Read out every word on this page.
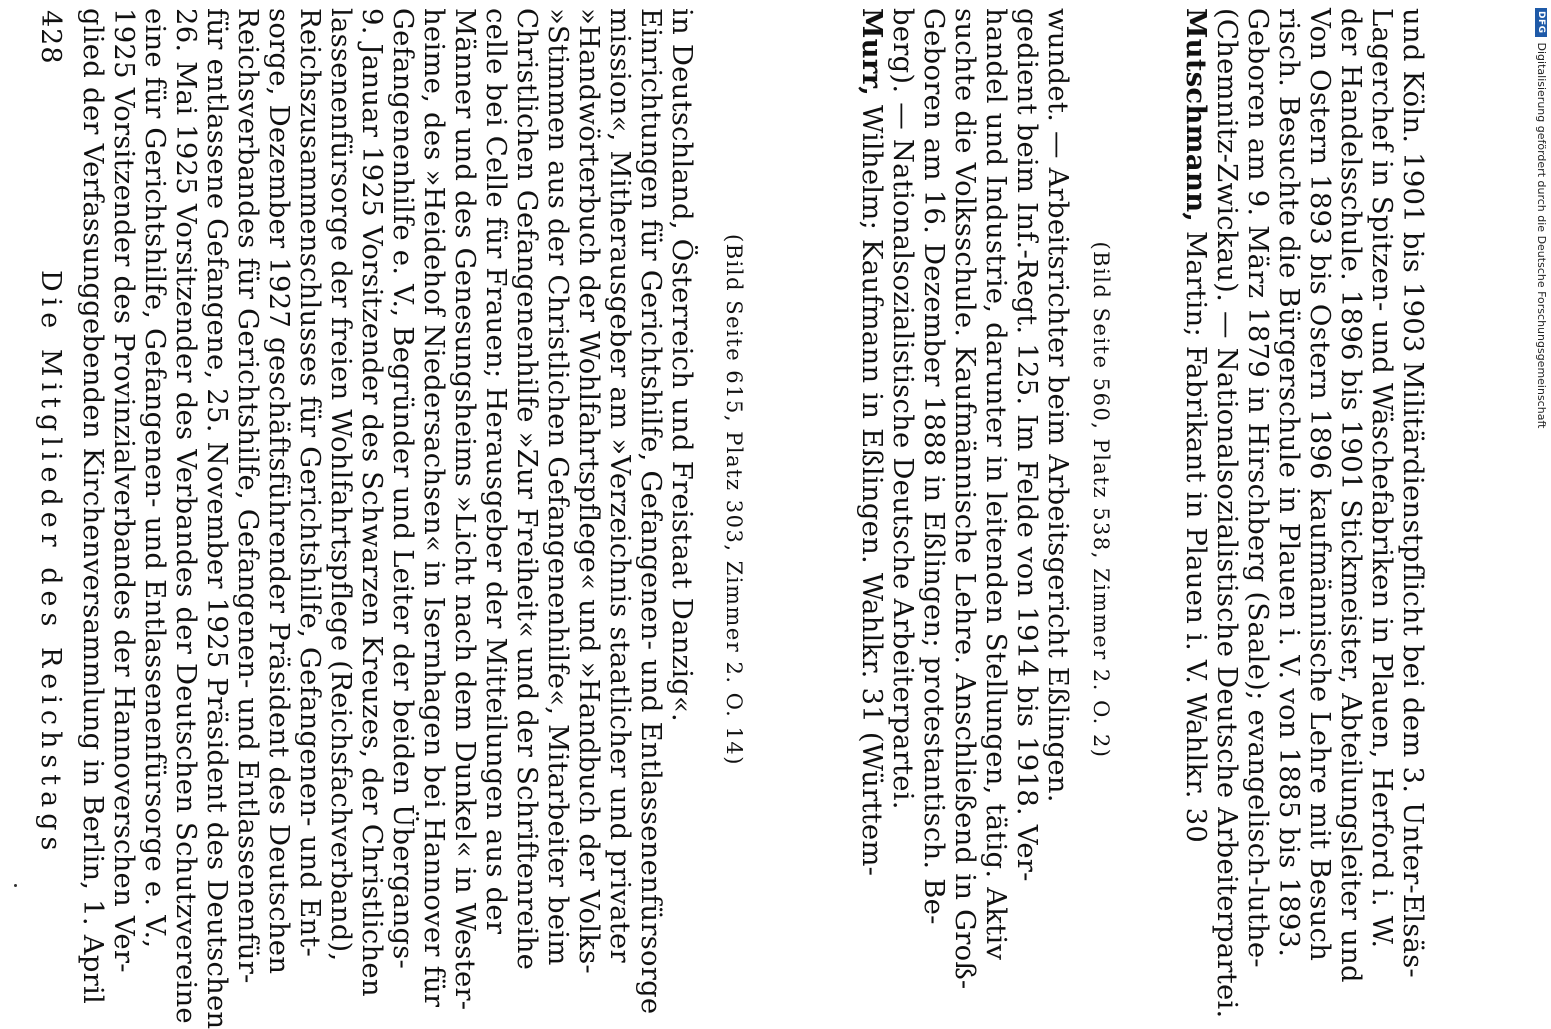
428
Die Mitglieder des Reichstags glied der Verfassunggebenden Kirchenversammlung in Berlin, 1. April 1925 Vorsitzender des Provinzialverbandes der Hannoverschen Ver- eine für Gerichtshilfe, Gefangenen- und Entlassenenfürsorge e. V., 26. Mai 1925 Vorsitzender des Verbandes der Deutschen Schutzvereine für entlassene Gefangene, 25. November 1925 Präsident des Deutschen Reichsverbandes für Gerichtshilfe, Gefangenen- und Entlassenenfür- sorge, Dezember 1927 geschäftsführender Präsident des Deutschen Reichszusammenschlusses für Gerichtshilfe, Gefangenen- und Ent- lassenenfürsorge der freien Wohlfahrtspflege (Reichsfachverband), 9. Januar 1925 Vorsitzender des Schwarzen Kreuzes, der Christlichen Gefangenenhilfe e. V., Begründer und Leiter der beiden Übergangs- heime, des »Heidehof Niedersachsen« in Isernhagen bei Hannover für Männer und des Genesungsheims »Licht nach dem Dunkel« in Wester- celle bei Celle für Frauen; Herausgeber der Mitteilungen aus der Christlichen Gefangenenhilfe »Zur Freiheit« und der Schriftenreihe »Stimmen aus der Christlichen Gefangenenhilfe«, Mitarbeiter beim »Handwörterbuch der Wohlfahrtspflege« und »Handbuch der Volks- mission«, Mitherausgeber am »Verzeichnis staatlicher und privater Einrichtungen für Gerichtshilfe, Gefangenen- und Entlassenenfürsorge in Deutschland, Österreich und Freistaat Danzig«. (Bild Seite 615, Platz 303, Zimmer 2. O. 14)
Murr, Wilhelm; Kaufmann in Eßlingen. Wahlkr. 31 (Württem- berg). — Nationalsozialistische Deutsche Arbeiterpartei. Geboren am 16. Dezember 1888 in Eßlingen; protestantisch. Be- suchte die Volksschule. Kaufmännische Lehre. Anschließend in Groß- handel und Industrie, darunter in leitenden Stellungen, tätig. Aktiv gedient beim Inf.-Regt. 125. Im Felde von 1914 bis 1918. Ver- wundet. — Arbeitsrichter beim Arbeitsgericht Eßlingen. (Bild Seite 560, Platz 538, Zimmer 2. O. 2)
Mutschmann, Martin; Fabrikant in Plauen i. V. Wahlkr. 30 (Chemnitz-Zwickau). — Nationalsozialistische Deutsche Arbeiterpartei. Geboren am 9. März 1879 in Hirschberg (Saale); evangelisch-luthe- risch. Besuchte die Bürgerschule in Plauen i. V. von 1885 bis 1893. Von Ostern 1893 bis Ostern 1896 kaufmännische Lehre mit Besuch der Handelsschule. 1896 bis 1901 Stickmeister, Abteilungsleiter und Lagerchef in Spitzen- und Wäschefabriken in Plauen, Herford i. W. und Köln. 1901 bis 1903 Militärdienstpflicht bei dem 3. Unter-Elsäs-	DFG
Digitalisierung gefördert durch die Deutsche Forschungsgemeinschaft
